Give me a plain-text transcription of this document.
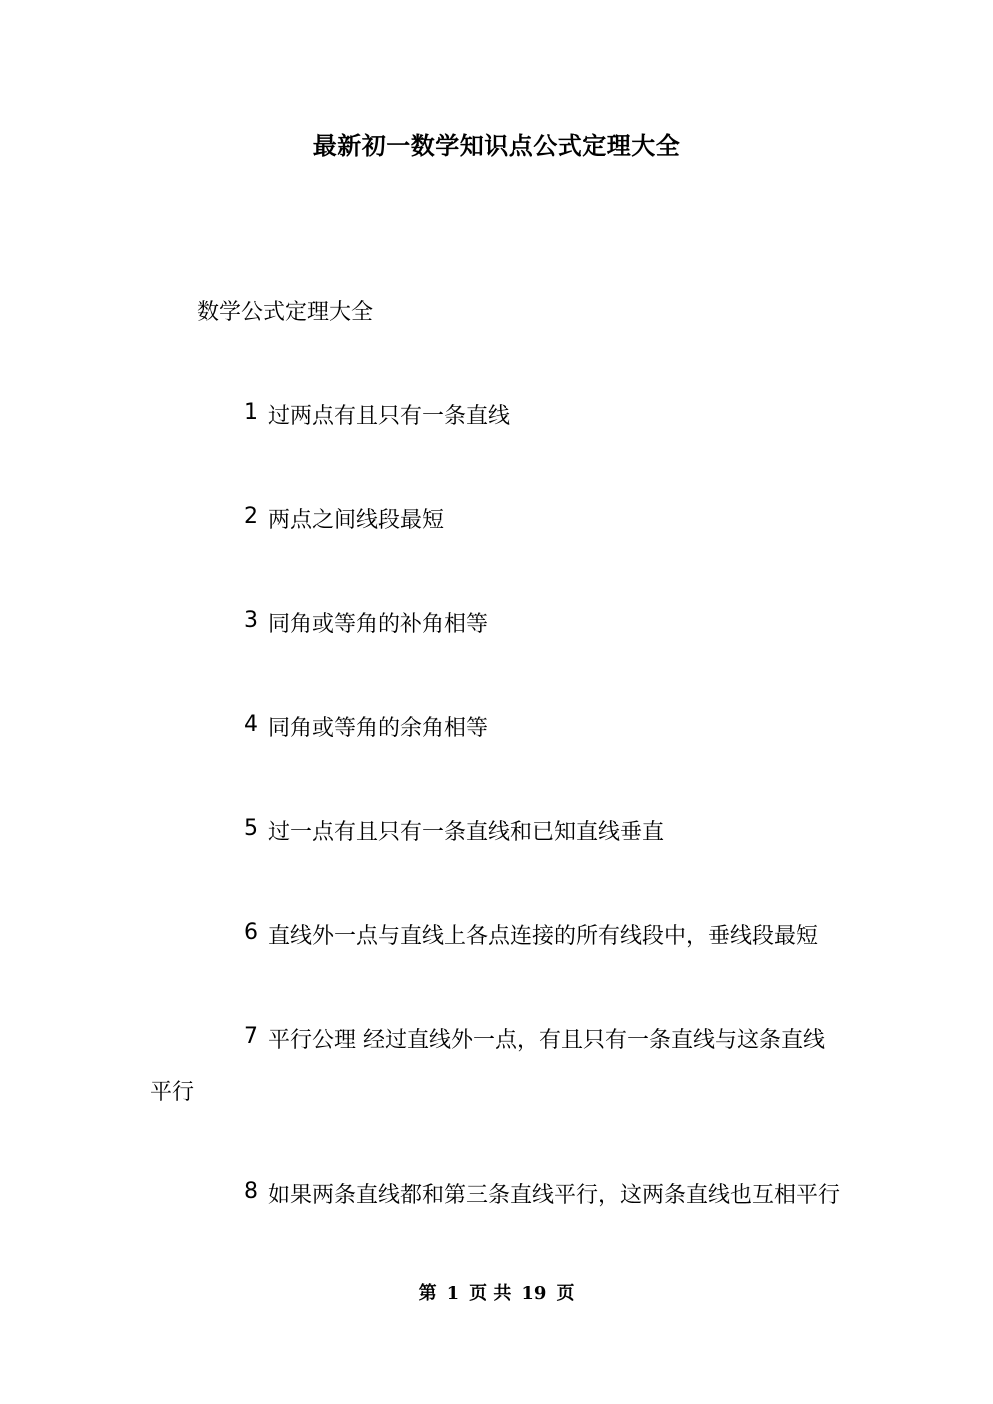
最新初一数学知识点公式定理大全

数学公式定理大全

1 过两点有且只有一条直线

2 两点之间线段最短

3 同角或等角的补角相等

4 同角或等角的余角相等

5 过一点有且只有一条直线和已知直线垂直

6 直线外一点与直线上各点连接的所有线段中，垂线段最短

7 平行公理 经过直线外一点，有且只有一条直线与这条直线平行

8 如果两条直线都和第三条直线平行，这两条直线也互相平行

第 1 页 共 19 页
